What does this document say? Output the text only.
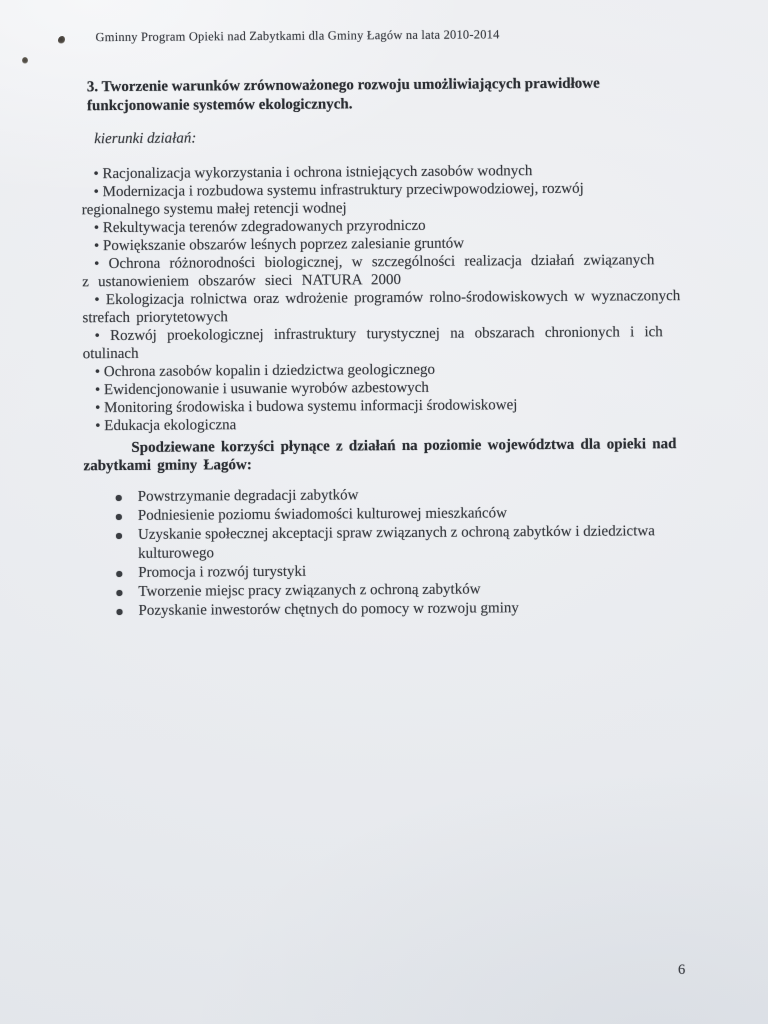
Gminny Program Opieki nad Zabytkami dla Gminy Łagów na lata 2010-2014
3. Tworzenie warunków zrównoważonego rozwoju umożliwiających prawidłowe
funkcjonowanie systemów ekologicznych.

kierunki działań:

• Racjonalizacja wykorzystania i ochrona istniejących zasobów wodnych

• Modernizacja i rozbudowa systemu infrastruktury przeciwpowodziowej, rozwój
regionalnego systemu małej retencji wodnej

• Rekultywacja terenów zdegradowanych przyrodniczo

• Powiększanie obszarów leśnych poprzez zalesianie gruntów

• Ochrona różnorodności biologicznej, w szczególności realizacja działań związanych
z ustanowieniem obszarów sieci NATURA 2000

• Ekologizacja rolnictwa oraz wdrożenie programów rolno-środowiskowych w wyznaczonych
strefach priorytetowych

• Rozwój proekologicznej infrastruktury turystycznej na obszarach chronionych i ich
otulinach

• Ochrona zasobów kopalin i dziedzictwa geologicznego

• Ewidencjonowanie i usuwanie wyrobów azbestowych

• Monitoring środowiska i budowa systemu informacji środowiskowej

• Edukacja ekologiczna

Spodziewane korzyści płynące z działań na poziomie województwa dla opieki nad
zabytkami gminy Łagów:

Powstrzymanie degradacji zabytków

Podniesienie poziomu świadomości kulturowej mieszkańców

Uzyskanie społecznej akceptacji spraw związanych z ochroną zabytków i dziedzictwa
kulturowego

Promocja i rozwój turystyki

Tworzenie miejsc pracy związanych z ochroną zabytków

Pozyskanie inwestorów chętnych do pomocy w rozwoju gminy

6
